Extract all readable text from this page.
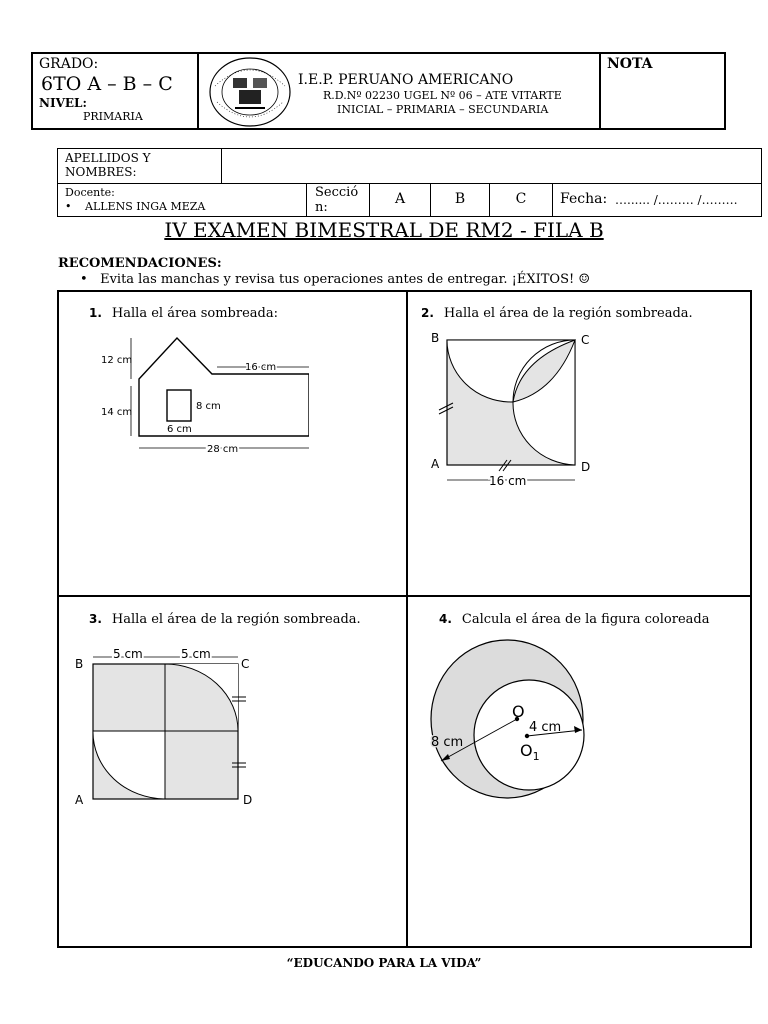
GRADO:
6TO A – B – C
NIVEL:
PRIMARIA
I.E.P. PERUANO AMERICANO
R.D.Nº 02230 UGEL Nº 06 – ATE VITARTE
INICIAL – PRIMARIA – SECUNDARIA
NOTA
APELLIDOS Y
NOMBRES:
Docente:
• ALLENS INGA MEZA
Secció
n:
A	B	C	Fecha: …...... /……… /………
IV EXAMEN BIMESTRAL DE RM2 - FILA B
RECOMENDACIONES:
•   Evita las manchas y revisa tus operaciones antes de entregar. ¡ÉXITOS! ☺
1. Halla el área sombreada:
12 cm
16 cm
14 cm
8 cm
6 cm
28 cm
2. Halla el área de la región sombreada.
B	C
A	D
16 cm
3. Halla el área de la región sombreada.
5 cm	5 cm
B	C
A	D
4. Calcula el área de la figura coloreada
O
4 cm
$O_1$
8 cm
“EDUCANDO PARA LA VIDA”
